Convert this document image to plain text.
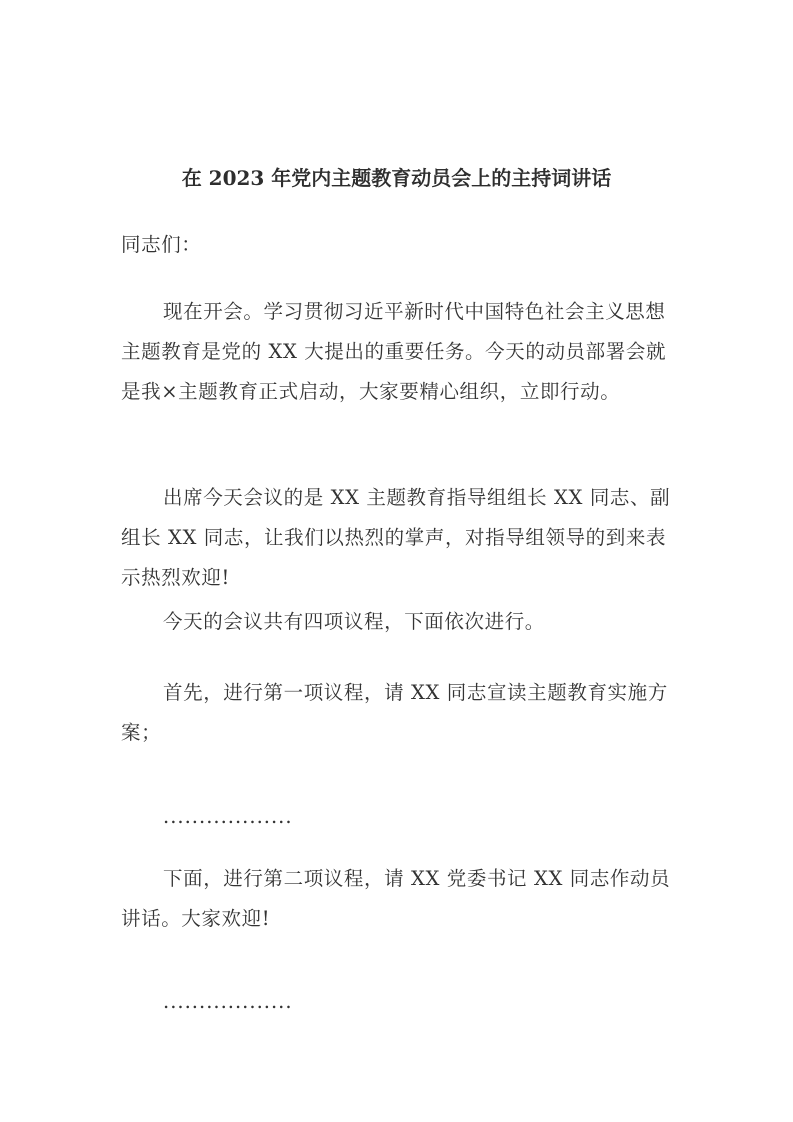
在 2023 年党内主题教育动员会上的主持词讲话
同志们：
现在开会。学习贯彻习近平新时代中国特色社会主义思想主题教育是党的 XX 大提出的重要任务。今天的动员部署会就是我×主题教育正式启动，大家要精心组织，立即行动。
出席今天会议的是 XX 主题教育指导组组长 XX 同志、副组长 XX 同志，让我们以热烈的掌声，对指导组领导的到来表示热烈欢迎!
今天的会议共有四项议程，下面依次进行。
首先，进行第一项议程，请 XX 同志宣读主题教育实施方案；
..................
下面，进行第二项议程，请 XX 党委书记 XX 同志作动员讲话。大家欢迎!
..................
